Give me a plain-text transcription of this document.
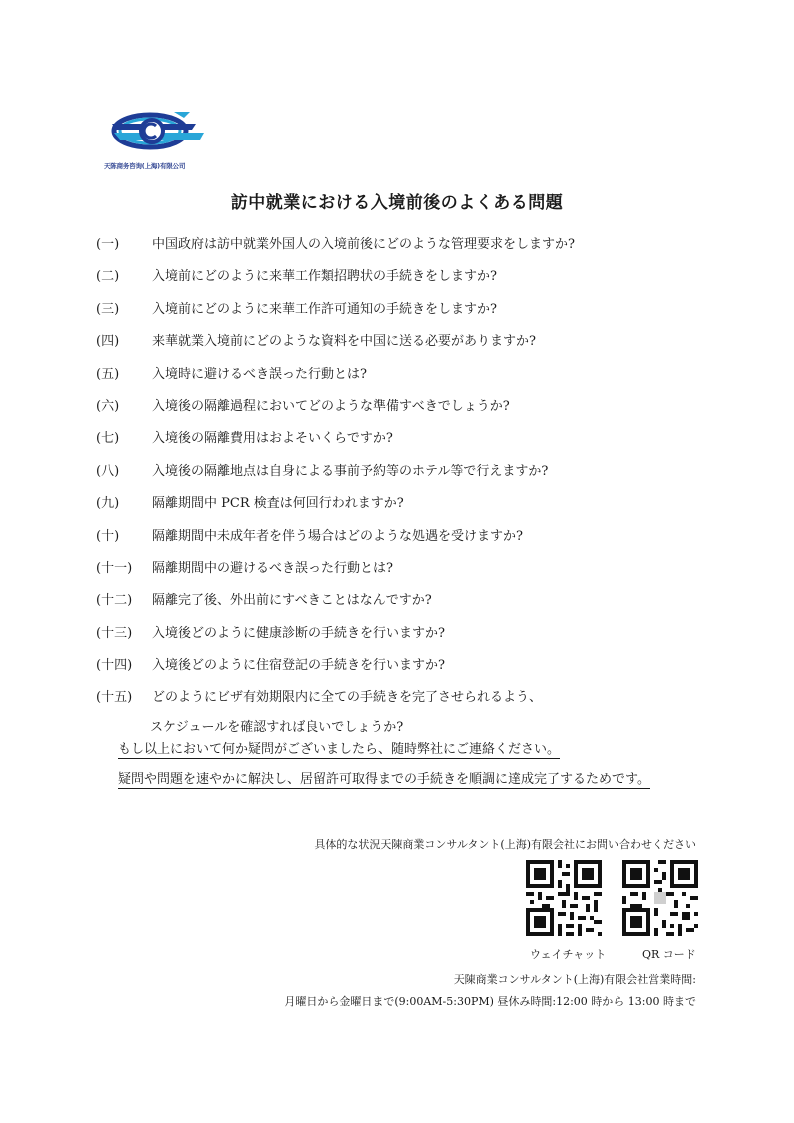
天陈商务咨询(上海)有限公司
訪中就業における入境前後のよくある問題
(一)	中国政府は訪中就業外国人の入境前後にどのような管理要求をしますか?
(二)	入境前にどのように来華工作類招聘状の手続きをしますか?
(三)	入境前にどのように来華工作許可通知の手続きをしますか?
(四)	来華就業入境前にどのような資料を中国に送る必要がありますか?
(五)	入境時に避けるべき誤った行動とは?
(六)	入境後の隔離過程においてどのような準備すべきでしょうか?
(七)	入境後の隔離費用はおよそいくらですか?
(八)	入境後の隔離地点は自身による事前予約等のホテル等で行えますか?
(九)	隔離期間中 PCR 検査は何回行われますか?
(十)	隔離期間中未成年者を伴う場合はどのような処遇を受けますか?
(十一) 隔離期間中の避けるべき誤った行動とは?
(十二) 隔離完了後、外出前にすべきことはなんですか?
(十三) 入境後どのように健康診断の手続きを行いますか?
(十四) 入境後どのように住宿登記の手続きを行いますか?
(十五) どのようにビザ有効期限内に全ての手続きを完了させられるよう、
スケジュールを確認すれば良いでしょうか?
もし以上において何か疑問がございましたら、随時弊社にご連絡ください。
疑問や問題を速やかに解決し、居留許可取得までの手続きを順調に達成完了するためです。
具体的な状況天陳商業コンサルタント(上海)有限会社にお問い合わせください
ウェイチャット	QR コード
天陳商業コンサルタント(上海)有限会社営業時間:
月曜日から金曜日まで(9:00AM-5:30PM) 昼休み時間:12:00 時から 13:00 時まで
